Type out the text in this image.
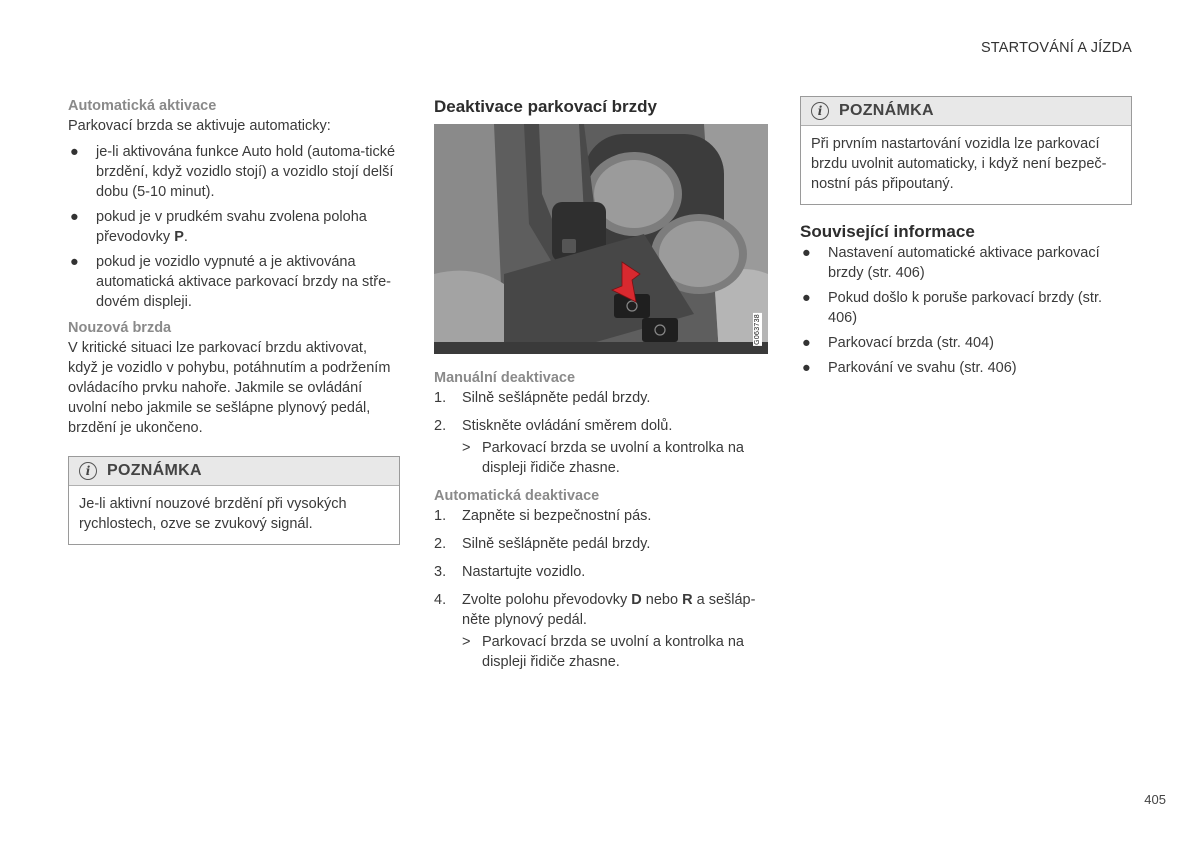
STARTOVÁNÍ A JÍZDA

Automatická aktivace

Parkovací brzda se aktivuje automaticky:

● je-li aktivována funkce Auto hold (automa-tické brzdění, když vozidlo stojí) a vozidlo stojí delší dobu (5-10 minut).
● pokud je v prudkém svahu zvolena poloha převodovky P.
● pokud je vozidlo vypnuté a je aktivována automatická aktivace parkovací brzdy na stře-dovém displeji.

Nouzová brzda

V kritické situaci lze parkovací brzdu aktivovat, když je vozidlo v pohybu, potáhnutím a podržením ovládacího prvku nahoře. Jakmile se ovládání uvolní nebo jakmile se sešlápne plynový pedál, brzdění je ukončeno.

i	POZNÁMKA
Je-li aktivní nouzové brzdění při vysokých rychlostech, ozve se zvukový signál.
Deaktivace parkovací brzdy
G063738

Manuální deaktivace

1. Silně sešlápněte pedál brzdy.
2. Stiskněte ovládání směrem dolů.
> Parkovací brzda se uvolní a kontrolka na displeji řidiče zhasne.

Automatická deaktivace

1. Zapněte si bezpečnostní pás.
2. Silně sešlápněte pedál brzdy.
3. Nastartujte vozidlo.
4. Zvolte polohu převodovky D nebo R a sešláp-něte plynový pedál.
> Parkovací brzda se uvolní a kontrolka na displeji řidiče zhasne.
i	POZNÁMKA
Při prvním nastartování vozidla lze parkovací brzdu uvolnit automaticky, i když není bezpeč-nostní pás připoutaný.
Související informace
● Nastavení automatické aktivace parkovací brzdy (str. 406)
● Pokud došlo k poruše parkovací brzdy (str. 406)
● Parkovací brzda (str. 404)
● Parkování ve svahu (str. 406)
405
